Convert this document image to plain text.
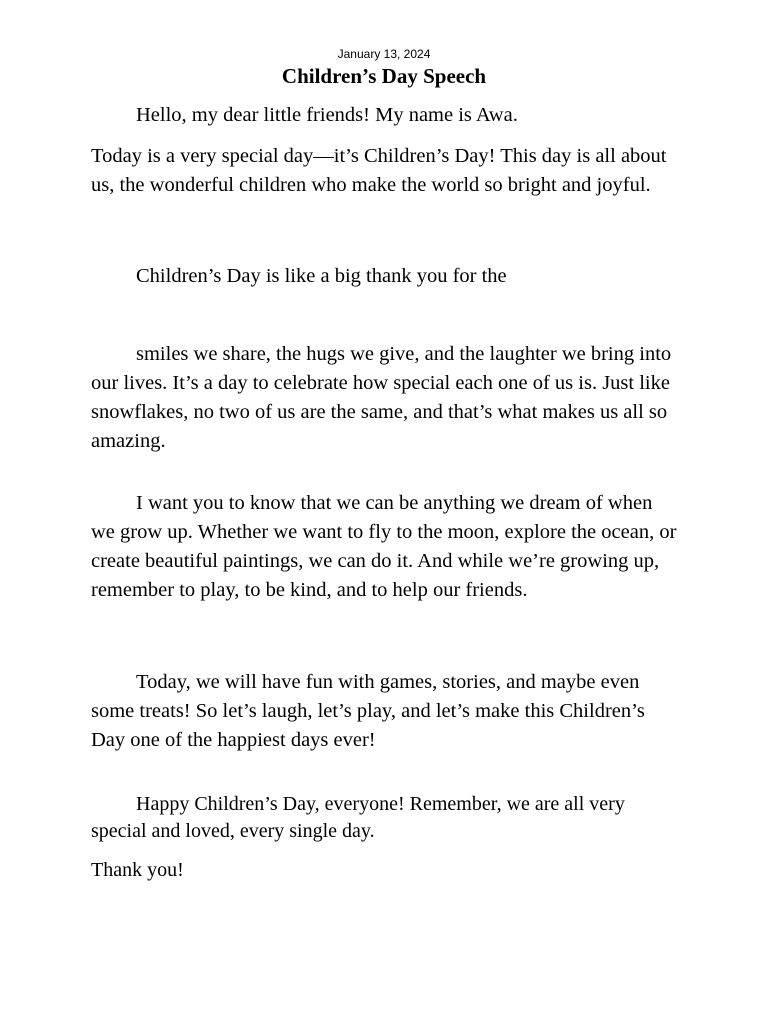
January 13, 2024
Children’s Day Speech

Hello, my dear little friends! My name is Awa.

Today is a very special day—it’s Children’s Day! This day is all about us, the wonderful children who make the world so bright and joyful.

Children’s Day is like a big thank you for the

smiles we share, the hugs we give, and the laughter we bring into our lives. It’s a day to celebrate how special each one of us is. Just like snowflakes, no two of us are the same, and that’s what makes us all so amazing.

I want you to know that we can be anything we dream of when we grow up. Whether we want to fly to the moon, explore the ocean, or create beautiful paintings, we can do it. And while we’re growing up, remember to play, to be kind, and to help our friends.

Today, we will have fun with games, stories, and maybe even some treats! So let’s laugh, let’s play, and let’s make this Children’s Day one of the happiest days ever!

Happy Children’s Day, everyone! Remember, we are all very special and loved, every single day.

Thank you!
